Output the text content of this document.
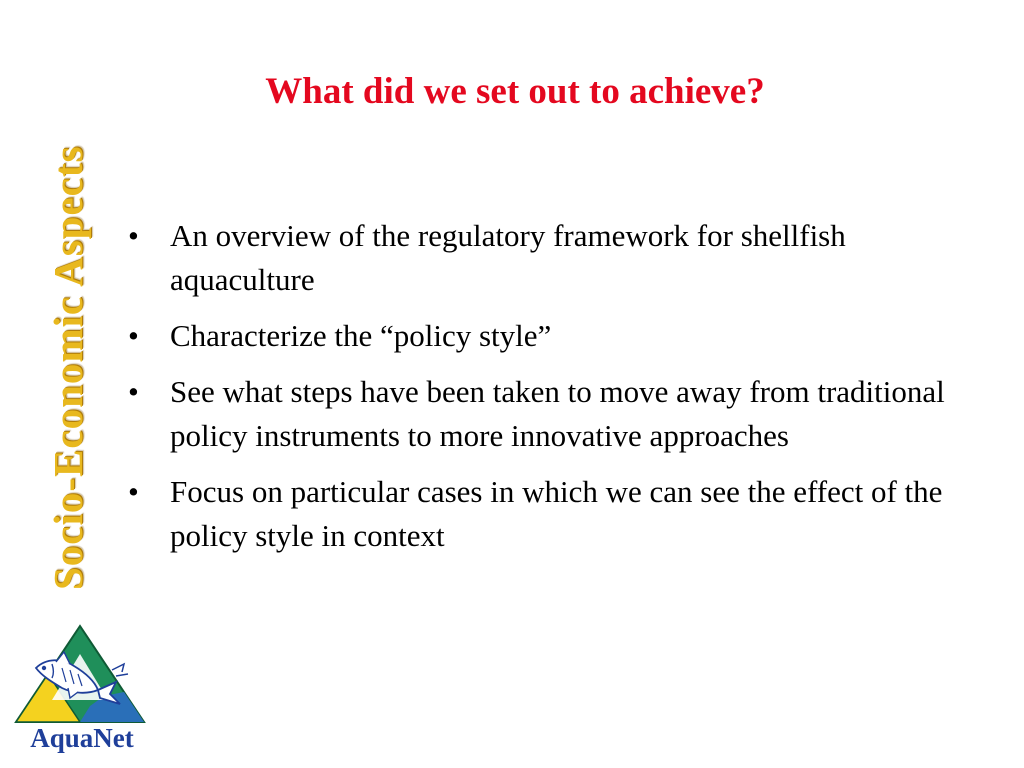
Socio-Economic Aspects
What did we set out to achieve?
• An overview of the regulatory framework for shellfish aquaculture
• Characterize the “policy style”
• See what steps have been taken to move away from traditional policy instruments to more innovative approaches
• Focus on particular cases in which we can see the effect of the policy style in context
AquaNet
